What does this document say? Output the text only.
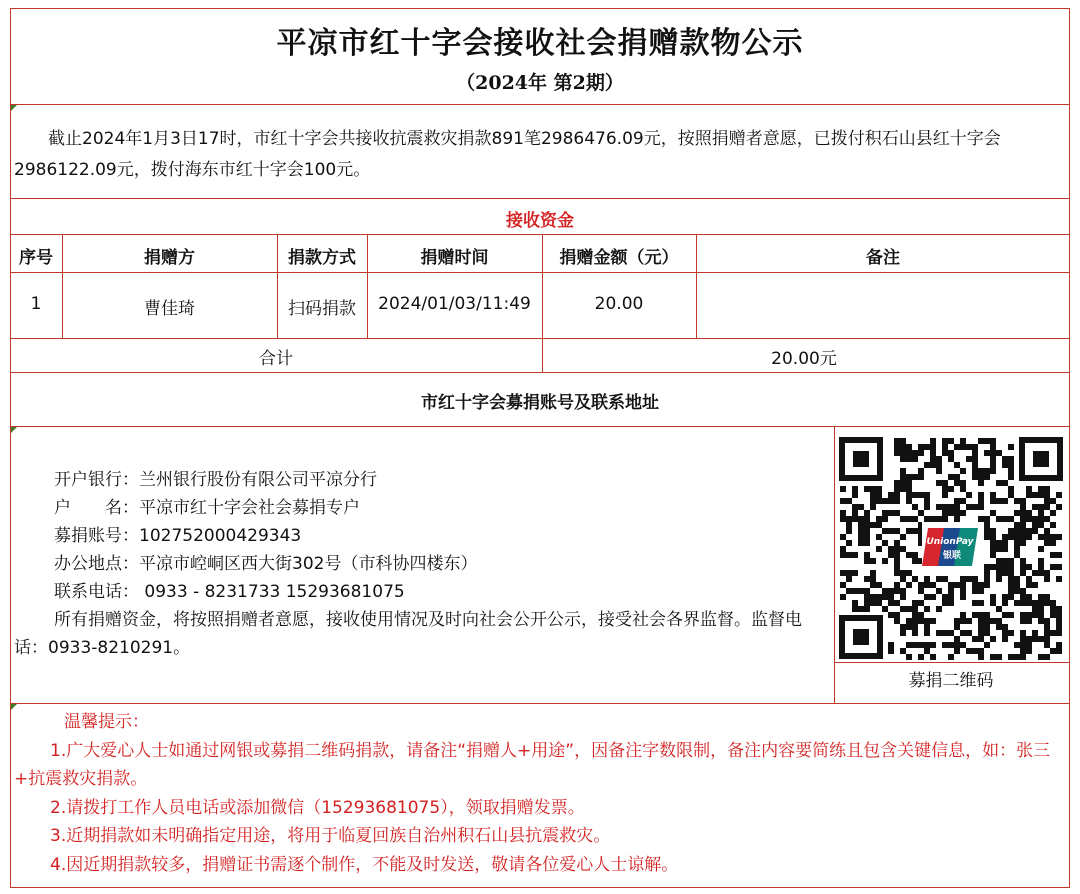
平凉市红十字会接收社会捐赠款物公示
（2024年 第2期）
截止2024年1月3日17时，市红十字会共接收抗震救灾捐款891笔2986476.09元，按照捐赠者意愿，已拨付积石山县红十字会2986122.09元，拨付海东市红十字会100元。
接收资金
序号	捐赠方	捐款方式	捐赠时间	捐赠金额（元）	备注
1	曹佳琦	扫码捐款	2024/01/03/11:49	20.00
合计	20.00元
市红十字会募捐账号及联系地址
开户银行：兰州银行股份有限公司平凉分行
户　　名：平凉市红十字会社会募捐专户
募捐账号：102752000429343
办公地点：平凉市崆峒区西大街302号（市科协四楼东）
联系电话： 0933 - 8231733 15293681075
所有捐赠资金，将按照捐赠者意愿，接收使用情况及时向社会公开公示，接受社会各界监督。监督电话：0933-8210291。
UnionPay
银联
募捐二维码
温馨提示：
1.广大爱心人士如通过网银或募捐二维码捐款，请备注“捐赠人+用途”，因备注字数限制，备注内容要简练且包含关键信息，如：张三+抗震救灾捐款。
2.请拨打工作人员电话或添加微信（15293681075），领取捐赠发票。
3.近期捐款如未明确指定用途，将用于临夏回族自治州积石山县抗震救灾。
4.因近期捐款较多，捐赠证书需逐个制作，不能及时发送，敬请各位爱心人士谅解。
